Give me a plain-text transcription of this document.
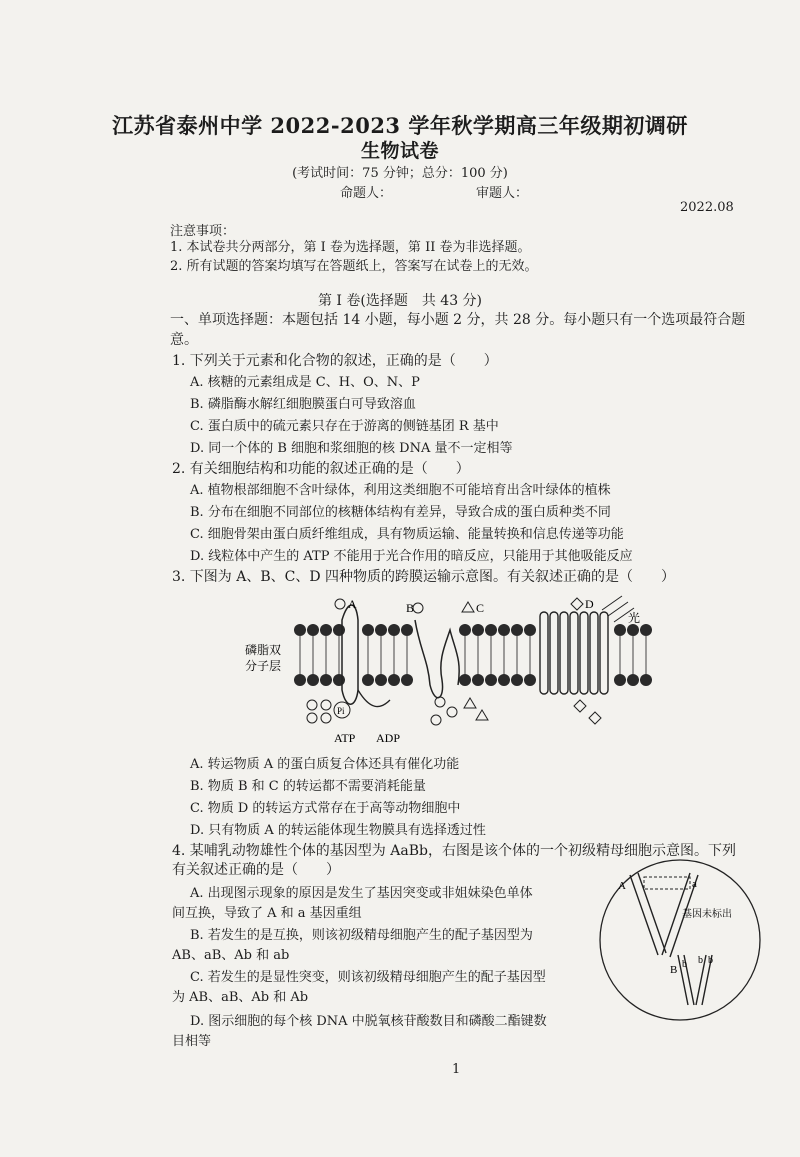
江苏省泰州中学 2022-2023 学年秋学期高三年级期初调研
生物试卷
(考试时间：75 分钟；总分：100 分)
命题人：	审题人：
2022.08
注意事项：
1. 本试卷共分两部分，第 I 卷为选择题，第 II 卷为非选择题。
2. 所有试题的答案均填写在答题纸上，答案写在试卷上的无效。
第 I 卷(选择题　共 43 分)
一、单项选择题：本题包括 14 小题，每小题 2 分，共 28 分。每小题只有一个选项最符合题
意。
1. 下列关于元素和化合物的叙述，正确的是（　　）
A. 核糖的元素组成是 C、H、O、N、P
B. 磷脂酶水解红细胞膜蛋白可导致溶血
C. 蛋白质中的硫元素只存在于游离的侧链基团 R 基中
D. 同一个体的 B 细胞和浆细胞的核 DNA 量不一定相等
2. 有关细胞结构和功能的叙述正确的是（　　）
A. 植物根部细胞不含叶绿体，利用这类细胞不可能培育出含叶绿体的植株
B. 分布在细胞不同部位的核糖体结构有差异，导致合成的蛋白质种类不同
C. 细胞骨架由蛋白质纤维组成，具有物质运输、能量转换和信息传递等功能
D. 线粒体中产生的 ATP 不能用于光合作用的暗反应，只能用于其他吸能反应
3. 下图为 A、B、C、D 四种物质的跨膜运输示意图。有关叙述正确的是（　　）
A	B	C	D
光
磷脂双
分子层
Pi
ATP ADP
A. 转运物质 A 的蛋白质复合体还具有催化功能
B. 物质 B 和 C 的转运都不需要消耗能量
C. 物质 D 的转运方式常存在于高等动物细胞中
D. 只有物质 A 的转运能体现生物膜具有选择透过性
4. 某哺乳动物雄性个体的基因型为 AaBb，右图是该个体的一个初级精母细胞示意图。下列
有关叙述正确的是（　　）
A. 出现图示现象的原因是发生了基因突变或非姐妹染色单体
间互换，导致了 A 和 a 基因重组
B. 若发生的是互换，则该初级精母细胞产生的配子基因型为
AB、aB、Ab 和 ab
C. 若发生的是显性突变，则该初级精母细胞产生的配子基因型
为 AB、aB、Ab 和 Ab
D. 图示细胞的每个核 DNA 中脱氧核苷酸数目和磷酸二酯键数
目相等
A	a
B b b b
基因未标出
1
